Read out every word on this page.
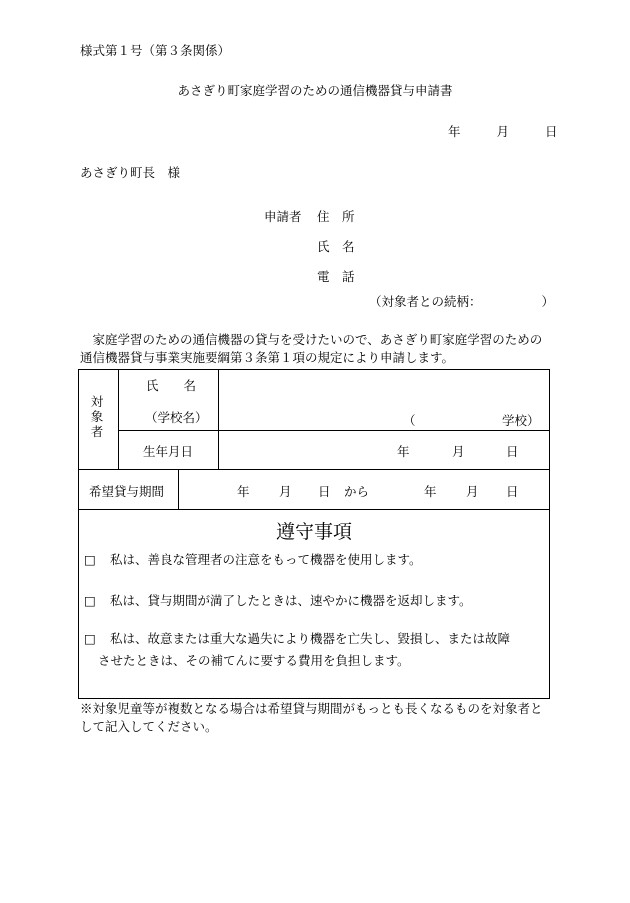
様式第１号（第３条関係）
あさぎり町家庭学習のための通信機器貸与申請書
年	月	日
あさぎり町長　様
申請者 住　所
氏　名
電　話
（対象者との続柄：	）
家庭学習のための通信機器の貸与を受けたいので、あさぎり町家庭学習のための通信機器貸与事業実施要綱第３条第１項の規定により申請します。
対
象
者
氏　　名
（学校名）	（	学校）
生年月日	年	月	日
希望貸与期間	年 月 日 から	年 月 日
遵守事項
□ 私は、善良な管理者の注意をもって機器を使用します。
□ 私は、貸与期間が満了したときは、速やかに機器を返却します。
□ 私は、故意または重大な過失により機器を亡失し、毀損し、または故障
させたときは、その補てんに要する費用を負担します。
※対象児童等が複数となる場合は希望貸与期間がもっとも長くなるものを対象者として記入してください。
